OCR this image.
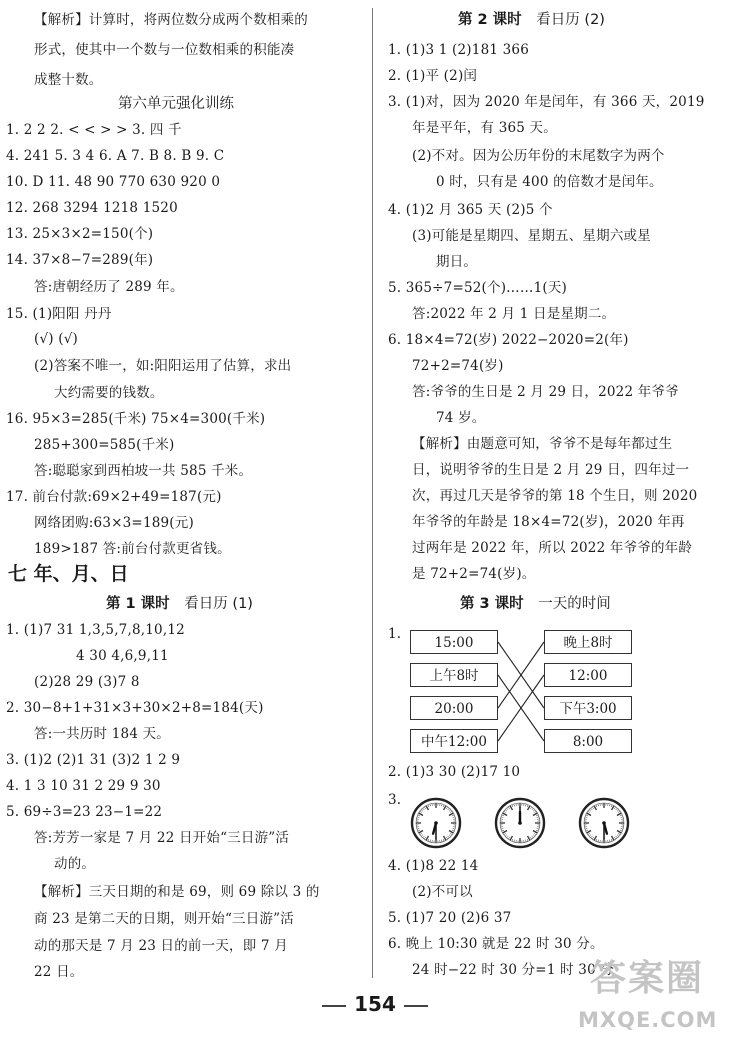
【解析】计算时，将两位数分成两个数相乘的
形式，使其中一个数与一位数相乘的积能凑
成整十数。
第六单元强化训练
1. 2 2 2. < < > > 3. 四 千
4. 241 5. 3 4 6. A 7. B 8. B 9. C
10. D 11. 48 90 770 630 920 0
12. 268 3294 1218 1520
13. 25×3×2=150(个)
14. 37×8−7=289(年)
答:唐朝经历了 289 年。
15. (1)阳阳 丹丹
(√) (√)
(2)答案不唯一，如:阳阳运用了估算，求出
大约需要的钱数。
16. 95×3=285(千米) 75×4=300(千米)
285+300=585(千米)
答:聪聪家到西柏坡一共 585 千米。
17. 前台付款:69×2+49=187(元)
网络团购:63×3=189(元)
189>187 答:前台付款更省钱。
七 年、月、日
第 1 课时 看日历 (1)
1. (1)7 31 1,3,5,7,8,10,12
4 30 4,6,9,11
(2)28 29 (3)7 8
2. 30−8+1+31×3+30×2+8=184(天)
答:一共历时 184 天。
3. (1)2 (2)1 31 (3)2 1 2 9
4. 1 3 10 31 2 29 9 30
5. 69÷3=23 23−1=22
答:芳芳一家是 7 月 22 日开始“三日游”活
动的。
【解析】三天日期的和是 69，则 69 除以 3 的
商 23 是第二天的日期，则开始“三日游”活
动的那天是 7 月 23 日的前一天，即 7 月
22 日。
第 2 课时 看日历 (2)
1. (1)3 1 (2)181 366
2. (1)平 (2)闰
3. (1)对，因为 2020 年是闰年，有 366 天，2019
年是平年，有 365 天。
(2)不对。因为公历年份的末尾数字为两个
0 时，只有是 400 的倍数才是闰年。
4. (1)2 月 365 天 (2)5 个
(3)可能是星期四、星期五、星期六或星
期日。
5. 365÷7=52(个)……1(天)
答:2022 年 2 月 1 日是星期二。
6. 18×4=72(岁) 2022−2020=2(年)
72+2=74(岁)
答:爷爷的生日是 2 月 29 日，2022 年爷爷
74 岁。
【解析】由题意可知，爷爷不是每年都过生
日，说明爷爷的生日是 2 月 29 日，四年过一
次，再过几天是爷爷的第 18 个生日，则 2020
年爷爷的年龄是 18×4=72(岁)，2020 年再
过两年是 2022 年，所以 2022 年爷爷的年龄
是 72+2=74(岁)。
第 3 课时 一天的时间
1.
15:00
上午8时
20:00
中午12:00
晚上8时
12:00
下午3:00
8:00
2. (1)3 30 (2)17 10
3.
4. (1)8 22 14
(2)不可以
5. (1)7 20 (2)6 37
6. 晚上 10:30 就是 22 时 30 分。
24 时−22 时 30 分=1 时 30 分
154
答案圈
MXQE.COM
